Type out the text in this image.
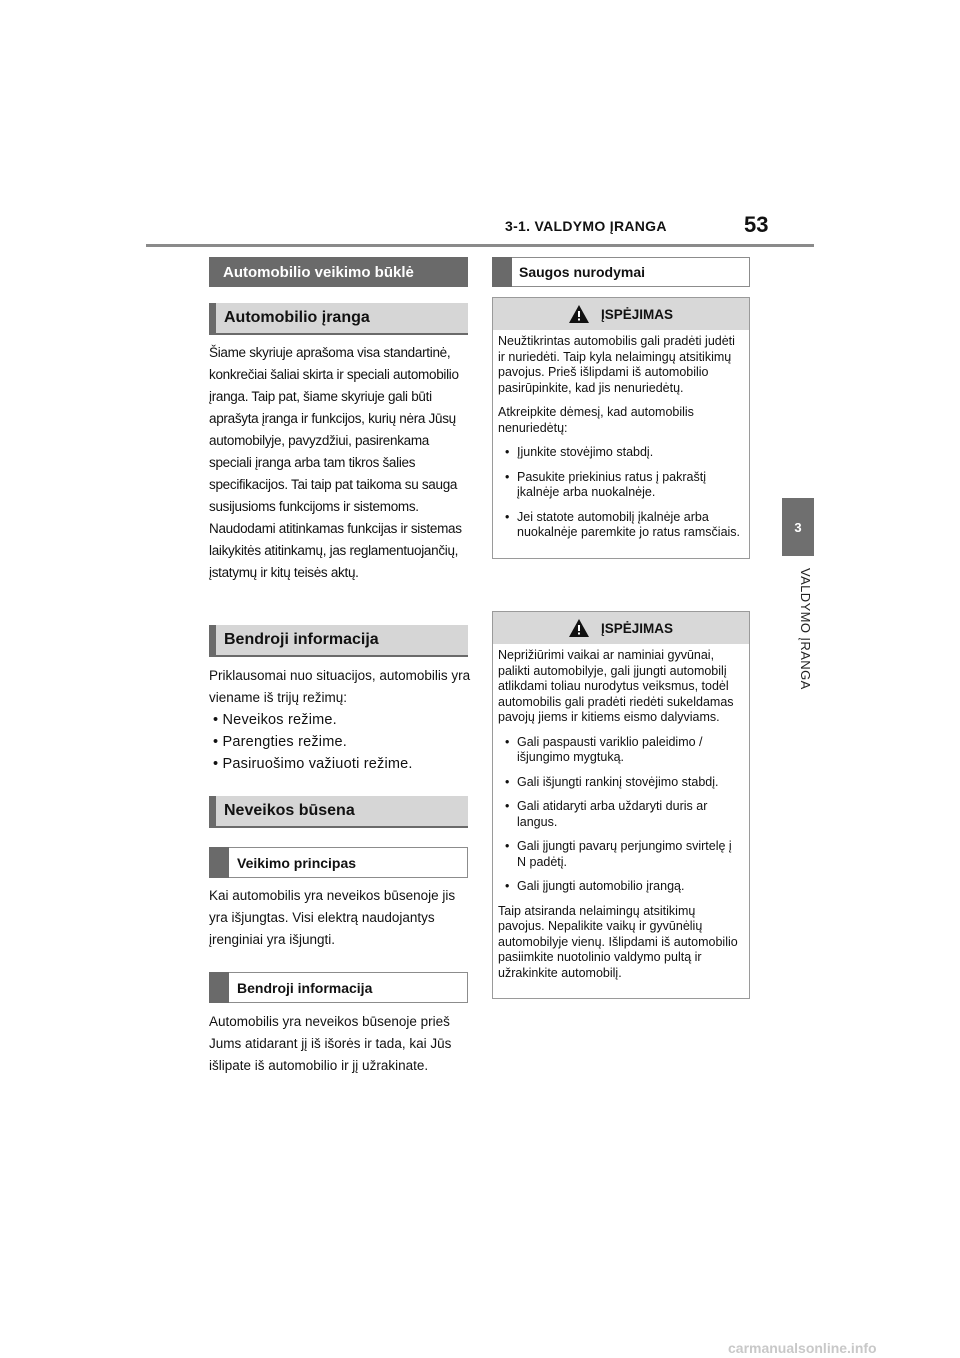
3-1. VALDYMO ĮRANGA	53
3
VALDYMO ĮRANGA
Automobilio veikimo būklė
Automobilio įranga

Šiame skyriuje aprašoma visa standartinė, konkrečiai šaliai skirta ir speciali automobilio įranga. Taip pat, šiame skyriuje gali būti aprašyta įranga ir funkcijos, kurių nėra Jūsų automobilyje, pavyzdžiui, pasirenkama speciali įranga arba tam tikros šalies specifikacijos. Tai taip pat taikoma su sauga susijusioms funkcijoms ir sistemoms. Naudodami atitinkamas funkcijas ir sistemas laikykitės atitinkamų, jas reglamentuojančių, įstatymų ir kitų teisės aktų.

Bendroji informacija

Priklausomai nuo situacijos, automobilis yra viename iš trijų režimų:

• Neveikos režime.
• Parengties režime.
• Pasiruošimo važiuoti režime.
Neveikos būsena
Veikimo principas

Kai automobilis yra neveikos būsenoje jis yra išjungtas. Visi elektrą naudojantys įrenginiai yra išjungti.

Bendroji informacija

Automobilis yra neveikos būsenoje prieš Jums atidarant jį iš išorės ir tada, kai Jūs išlipate iš automobilio ir jį užrakinate.

Saugos nurodymai
ĮSPĖJIMAS

Neužtikrintas automobilis gali pradėti judėti ir nuriedėti. Taip kyla nelaimingų atsitikimų pavojus. Prieš išlipdami iš automobilio pasirūpinkite, kad jis nenuriedėtų.

Atkreipkite dėmesį, kad automobilis nenuriedėtų:

• Įjunkite stovėjimo stabdį.
• Pasukite priekinius ratus į pakraštį įkalnėje arba nuokalnėje.
• Jei statote automobilį įkalnėje arba nuokalnėje paremkite jo ratus ramsčiais.
ĮSPĖJIMAS

Neprižiūrimi vaikai ar naminiai gyvūnai, palikti automobilyje, gali įjungti automobilį atlikdami toliau nurodytus veiksmus, todėl automobilis gali pradėti riedėti sukeldamas pavojų jiems ir kitiems eismo dalyviams.

• Gali paspausti variklio paleidimo / išjungimo mygtuką.
• Gali išjungti rankinį stovėjimo stabdį.
• Gali atidaryti arba uždaryti duris ar langus.
• Gali įjungti pavarų perjungimo svirtelę į N padėtį.
• Gali įjungti automobilio įrangą.

Taip atsiranda nelaimingų atsitikimų pavojus. Nepalikite vaikų ir gyvūnėlių automobilyje vienų. Išlipdami iš automobilio pasiimkite nuotolinio valdymo pultą ir užrakinkite automobilį.

carmanualsonline.info
